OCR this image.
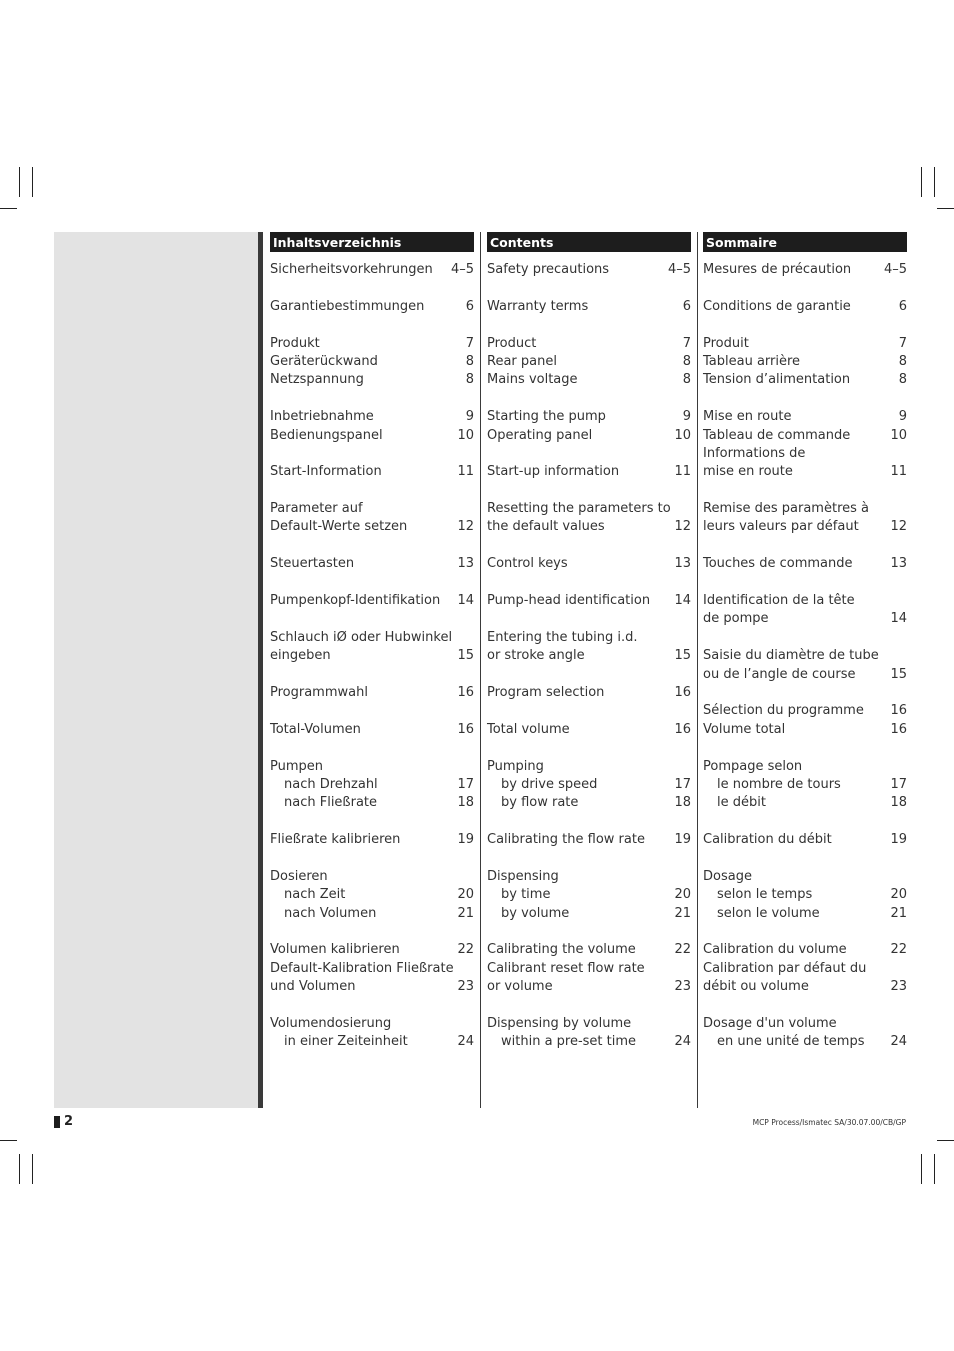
Inhaltsverzeichnis
Sicherheitsvorkehrungen 4–5
Garantiebestimmungen	6
Produkt	7
Geräterückwand	8
Netzspannung	8
Inbetriebnahme	9
Bedienungspanel	10
Start-Information	11
Parameter auf
Default-Werte setzen	12
Steuertasten	13
Pumpenkopf-Identifikation 14
Schlauch iØ oder Hubwinkel
eingeben	15
Programmwahl	16
Total-Volumen	16
Pumpen
nach Drehzahl	17
nach Fließrate	18
Fließrate kalibrieren	19
Dosieren
nach Zeit	20
nach Volumen	21
Volumen kalibrieren	22
Default-Kalibration Fließrate
und Volumen	23
Volumendosierung
in einer Zeiteinheit	24
Contents
Safety precautions	4–5
Warranty terms	6
Product	7
Rear panel	8
Mains voltage	8
Starting the pump	9
Operating panel	10
Start-up information	11
Resetting the parameters to
the default values	12
Control keys	13
Pump-head identification 14
Entering the tubing i.d.
or stroke angle	15
Program selection	16
Total volume	16
Pumping
by drive speed	17
by flow rate	18
Calibrating the flow rate 19
Dispensing
by time	20
by volume	21
Calibrating the volume	22
Calibrant reset flow rate
or volume	23
Dispensing by volume
within a pre-set time	24
Sommaire
Mesures de précaution	4–5
Conditions de garantie	6
Produit	7
Tableau arrière	8
Tension d’alimentation	8
Mise en route	9
Tableau de commande	10
Informations de
mise en route	11
Remise des paramètres à
leurs valeurs par défaut 12
Touches de commande	13
Identification de la tête
de pompe	14
Saisie du diamètre de tube
ou de l’angle de course	15
Sélection du programme 16
Volume total	16
Pompage selon
le nombre de tours	17
le débit	18
Calibration du débit	19
Dosage
selon le temps	20
selon le volume	21
Calibration du volume	22
Calibration par défaut du
débit ou volume	23
Dosage d'un volume
en une unité de temps 24
2	MCP Process/Ismatec SA/30.07.00/CB/GP
